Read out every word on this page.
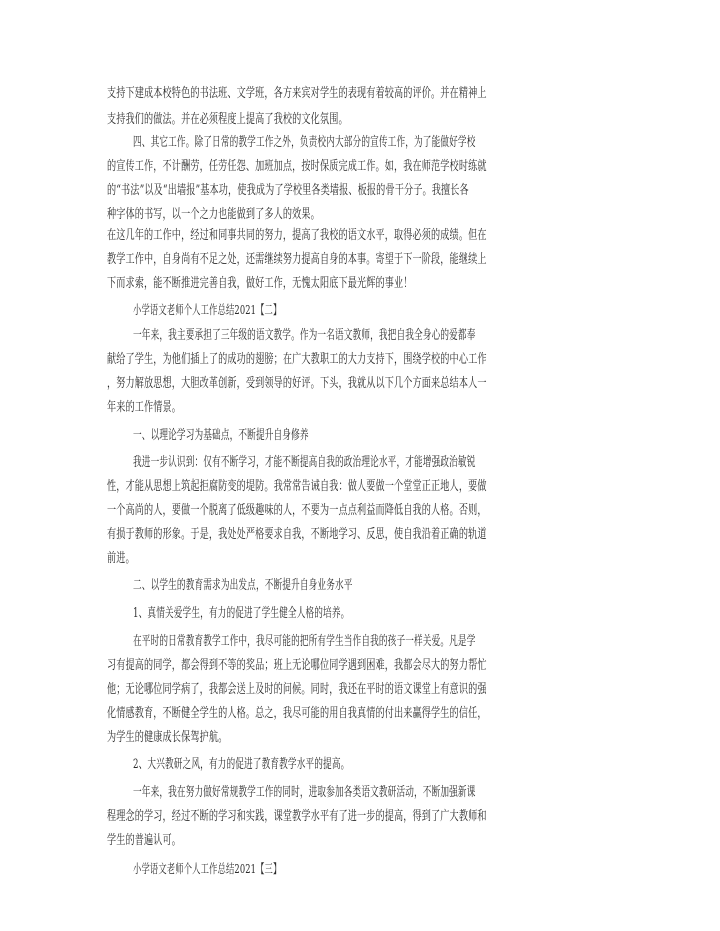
支持下建成本校特色的书法班、文学班，各方来宾对学生的表现有着较高的评价。并在精神上
支持我们的做法。并在必须程度上提高了我校的文化氛围。
四、其它工作。除了日常的教学工作之外，负责校内大部分的宣传工作，为了能做好学校
的宣传工作，不计酬劳，任劳任怨、加班加点，按时保质完成工作。如，我在师范学校时练就
的“书法”以及“出墙报”基本功，使我成为了学校里各类墙报、板报的骨干分子。我擅长各
种字体的书写，以一个之力也能做到了多人的效果。
在这几年的工作中，经过和同事共同的努力，提高了我校的语文水平，取得必须的成绩。但在
教学工作中，自身尚有不足之处，还需继续努力提高自身的本事。寄望于下一阶段，能继续上
下而求索，能不断推进完善自我，做好工作，无愧太阳底下最光辉的事业！
小学语文老师个人工作总结2021【二】
一年来，我主要承担了三年级的语文教学。作为一名语文教师，我把自我全身心的爱都奉
献给了学生，为他们插上了的成功的翅膀；在广大教职工的大力支持下，围绕学校的中心工作
，努力解放思想，大胆改革创新，受到领导的好评。下头，我就从以下几个方面来总结本人一
年来的工作情景。
一、以理论学习为基础点，不断提升自身修养
我进一步认识到：仅有不断学习，才能不断提高自我的政治理论水平，才能增强政治敏锐
性，才能从思想上筑起拒腐防变的堤防。我常常告诫自我：做人要做一个堂堂正正地人，要做
一个高尚的人，要做一个脱离了低级趣味的人，不要为一点点利益而降低自我的人格。否则，
有损于教师的形象。于是，我处处严格要求自我，不断地学习、反思，使自我沿着正确的轨道
前进。
二、以学生的教育需求为出发点，不断提升自身业务水平
1、真情关爱学生，有力的促进了学生健全人格的培养。
在平时的日常教育教学工作中，我尽可能的把所有学生当作自我的孩子一样关爱。凡是学
习有提高的同学，都会得到不等的奖品；班上无论哪位同学遇到困难，我都会尽大的努力帮忙
他；无论哪位同学病了，我都会送上及时的问候。同时，我还在平时的语文课堂上有意识的强
化情感教育，不断健全学生的人格。总之，我尽可能的用自我真情的付出来赢得学生的信任，
为学生的健康成长保驾护航。
2、大兴教研之风，有力的促进了教育教学水平的提高。
一年来，我在努力做好常规教学工作的同时，进取参加各类语文教研活动，不断加强新课
程理念的学习，经过不断的学习和实践，课堂教学水平有了进一步的提高，得到了广大教师和
学生的普遍认可。
小学语文老师个人工作总结2021【三】
